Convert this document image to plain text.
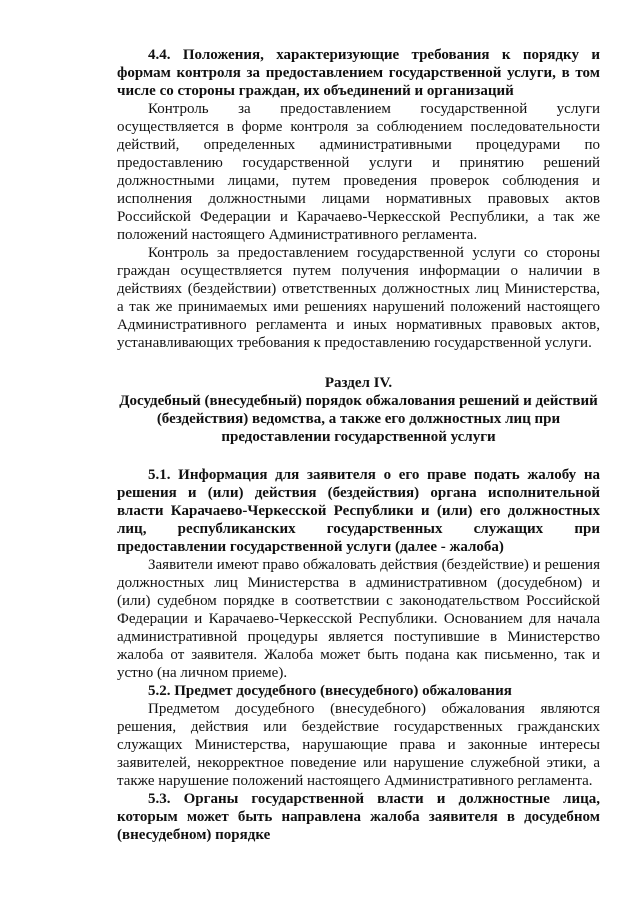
4.4. Положения, характеризующие требования к порядку и формам контроля за предоставлением государственной услуги, в том числе со стороны граждан, их объединений и организаций

Контроль за предоставлением государственной услуги осуществляется в форме контроля за соблюдением последовательности действий, определенных административными процедурами по предоставлению государственной услуги и принятию решений должностными лицами, путем проведения проверок соблюдения и исполнения должностными лицами нормативных правовых актов Российской Федерации и Карачаево-Черкесской Республики, а так же положений настоящего Административного регламента.

Контроль за предоставлением государственной услуги со стороны граждан осуществляется путем получения информации о наличии в действиях (бездействии) ответственных должностных лиц Министерства, а так же принимаемых ими решениях нарушений положений настоящего Административного регламента и иных нормативных правовых актов, устанавливающих требования к предоставлению государственной услуги.

Раздел IV.

Досудебный (внесудебный) порядок обжалования решений и действий (бездействия) ведомства, а также его должностных лиц при предоставлении государственной услуги

5.1. Информация для заявителя о его праве подать жалобу на решения и (или) действия (бездействия) органа исполнительной власти Карачаево-Черкесской Республики и (или) его должностных лиц, республиканских государственных служащих при предоставлении государственной услуги (далее - жалоба)

Заявители имеют право обжаловать действия (бездействие) и решения должностных лиц Министерства в административном (досудебном) и (или) судебном порядке в соответствии с законодательством Российской Федерации и Карачаево-Черкесской Республики. Основанием для начала административной процедуры является поступившие в Министерство жалоба от заявителя. Жалоба может быть подана как письменно, так и устно (на личном приеме).

5.2. Предмет досудебного (внесудебного) обжалования

Предметом досудебного (внесудебного) обжалования являются решения, действия или бездействие государственных гражданских служащих Министерства, нарушающие права и законные интересы заявителей, некорректное поведение или нарушение служебной этики, а также нарушение положений настоящего Административного регламента.

5.3. Органы государственной власти и должностные лица, которым может быть направлена жалоба заявителя в досудебном (внесудебном) порядке
